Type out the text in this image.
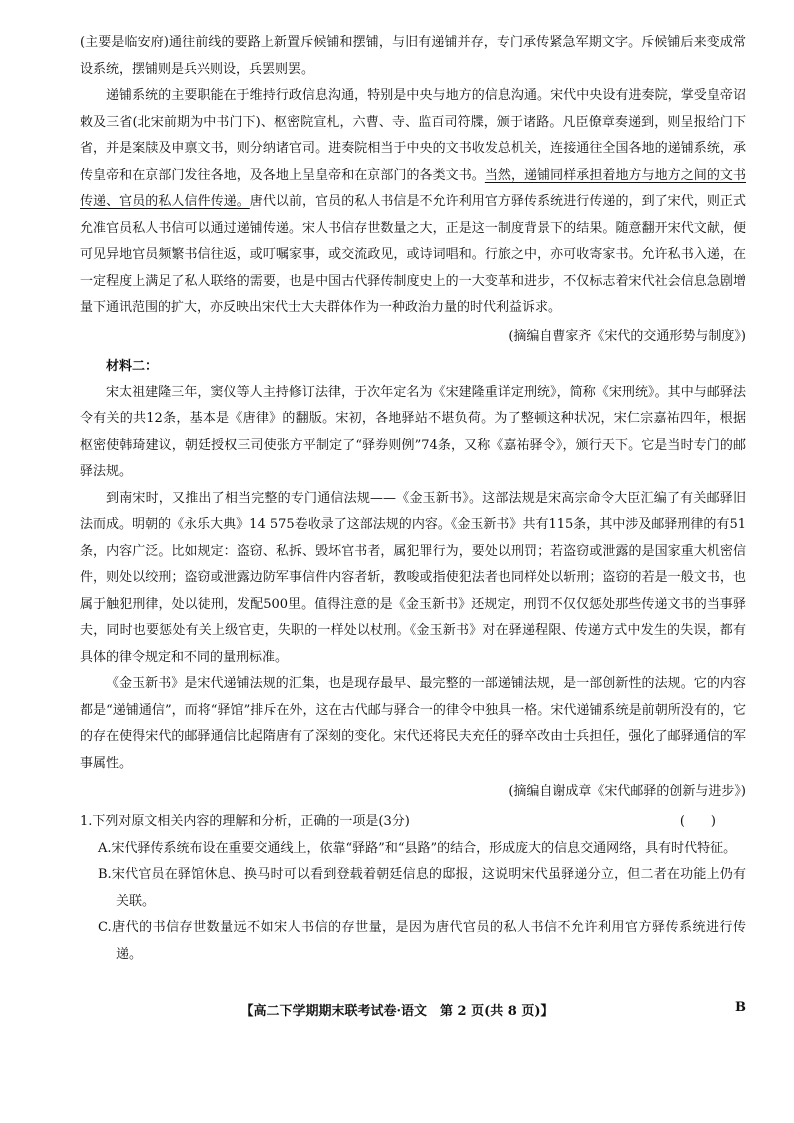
(主要是临安府)通往前线的要路上新置斥候铺和摆铺，与旧有递铺并存，专门承传紧急军期文字。斥候铺后来变成常设系统，摆铺则是兵兴则设，兵罢则罢。

递铺系统的主要职能在于维持行政信息沟通，特别是中央与地方的信息沟通。宋代中央设有进奏院，掌受皇帝诏敕及三省(北宋前期为中书门下)、枢密院宣札，六曹、寺、监百司符牒，颁于诸路。凡臣僚章奏递到，则呈报给门下省，并是案牍及申禀文书，则分纳诸官司。进奏院相当于中央的文书收发总机关，连接通往全国各地的递铺系统，承传皇帝和在京部门发往各地，及各地上呈皇帝和在京部门的各类文书。当然，递铺同样承担着地方与地方之间的文书传递、官员的私人信件传递。唐代以前，官员的私人书信是不允许利用官方驿传系统进行传递的，到了宋代，则正式允准官员私人书信可以通过递铺传递。宋人书信存世数量之大，正是这一制度背景下的结果。随意翻开宋代文献，便可见异地官员频繁书信往返，或叮嘱家事，或交流政见，或诗词唱和。行旅之中，亦可收寄家书。允许私书入递，在一定程度上满足了私人联络的需要，也是中国古代驿传制度史上的一大变革和进步，不仅标志着宋代社会信息急剧增量下通讯范围的扩大，亦反映出宋代士大夫群体作为一种政治力量的时代利益诉求。

(摘编自曹家齐《宋代的交通形势与制度》)

材料二：

宋太祖建隆三年，窦仪等人主持修订法律，于次年定名为《宋建隆重详定刑统》，简称《宋刑统》。其中与邮驿法令有关的共12条，基本是《唐律》的翻版。宋初，各地驿站不堪负荷。为了整顿这种状况，宋仁宗嘉祐四年，根据枢密使韩琦建议，朝廷授权三司使张方平制定了“驿券则例”74条，又称《嘉祐驿令》，颁行天下。它是当时专门的邮驿法规。

到南宋时，又推出了相当完整的专门通信法规——《金玉新书》。这部法规是宋高宗命令大臣汇编了有关邮驿旧法而成。明朝的《永乐大典》14 575卷收录了这部法规的内容。《金玉新书》共有115条，其中涉及邮驿刑律的有51条，内容广泛。比如规定：盗窃、私拆、毁坏官书者，属犯罪行为，要处以刑罚；若盗窃或泄露的是国家重大机密信件，则处以绞刑；盗窃或泄露边防军事信件内容者斩，教唆或指使犯法者也同样处以斩刑；盗窃的若是一般文书，也属于触犯刑律，处以徒刑，发配500里。值得注意的是《金玉新书》还规定，刑罚不仅仅惩处那些传递文书的当事驿夫，同时也要惩处有关上级官吏，失职的一样处以杖刑。《金玉新书》对在驿递程限、传递方式中发生的失误，都有具体的律令规定和不同的量刑标准。

《金玉新书》是宋代递铺法规的汇集，也是现存最早、最完整的一部递铺法规，是一部创新性的法规。它的内容都是“递铺通信”，而将“驿馆”排斥在外，这在古代邮与驿合一的律令中独具一格。宋代递铺系统是前朝所没有的，它的存在使得宋代的邮驿通信比起隋唐有了深刻的变化。宋代还将民夫充任的驿卒改由士兵担任，强化了邮驿通信的军事属性。

(摘编自谢成章《宋代邮驿的创新与进步》)
1.下列对原文相关内容的理解和分析，正确的一项是(3分)	(　　)

A.宋代驿传系统布设在重要交通线上，依靠“驿路”和“县路”的结合，形成庞大的信息交通网络，具有时代特征。

B.宋代官员在驿馆休息、换马时可以看到登载着朝廷信息的邸报，这说明宋代虽驿递分立，但二者在功能上仍有关联。

C.唐代的书信存世数量远不如宋人书信的存世量，是因为唐代官员的私人书信不允许利用官方驿传系统进行传递。

【高二下学期期末联考试卷·语文　第 2 页(共 8 页)】	B
